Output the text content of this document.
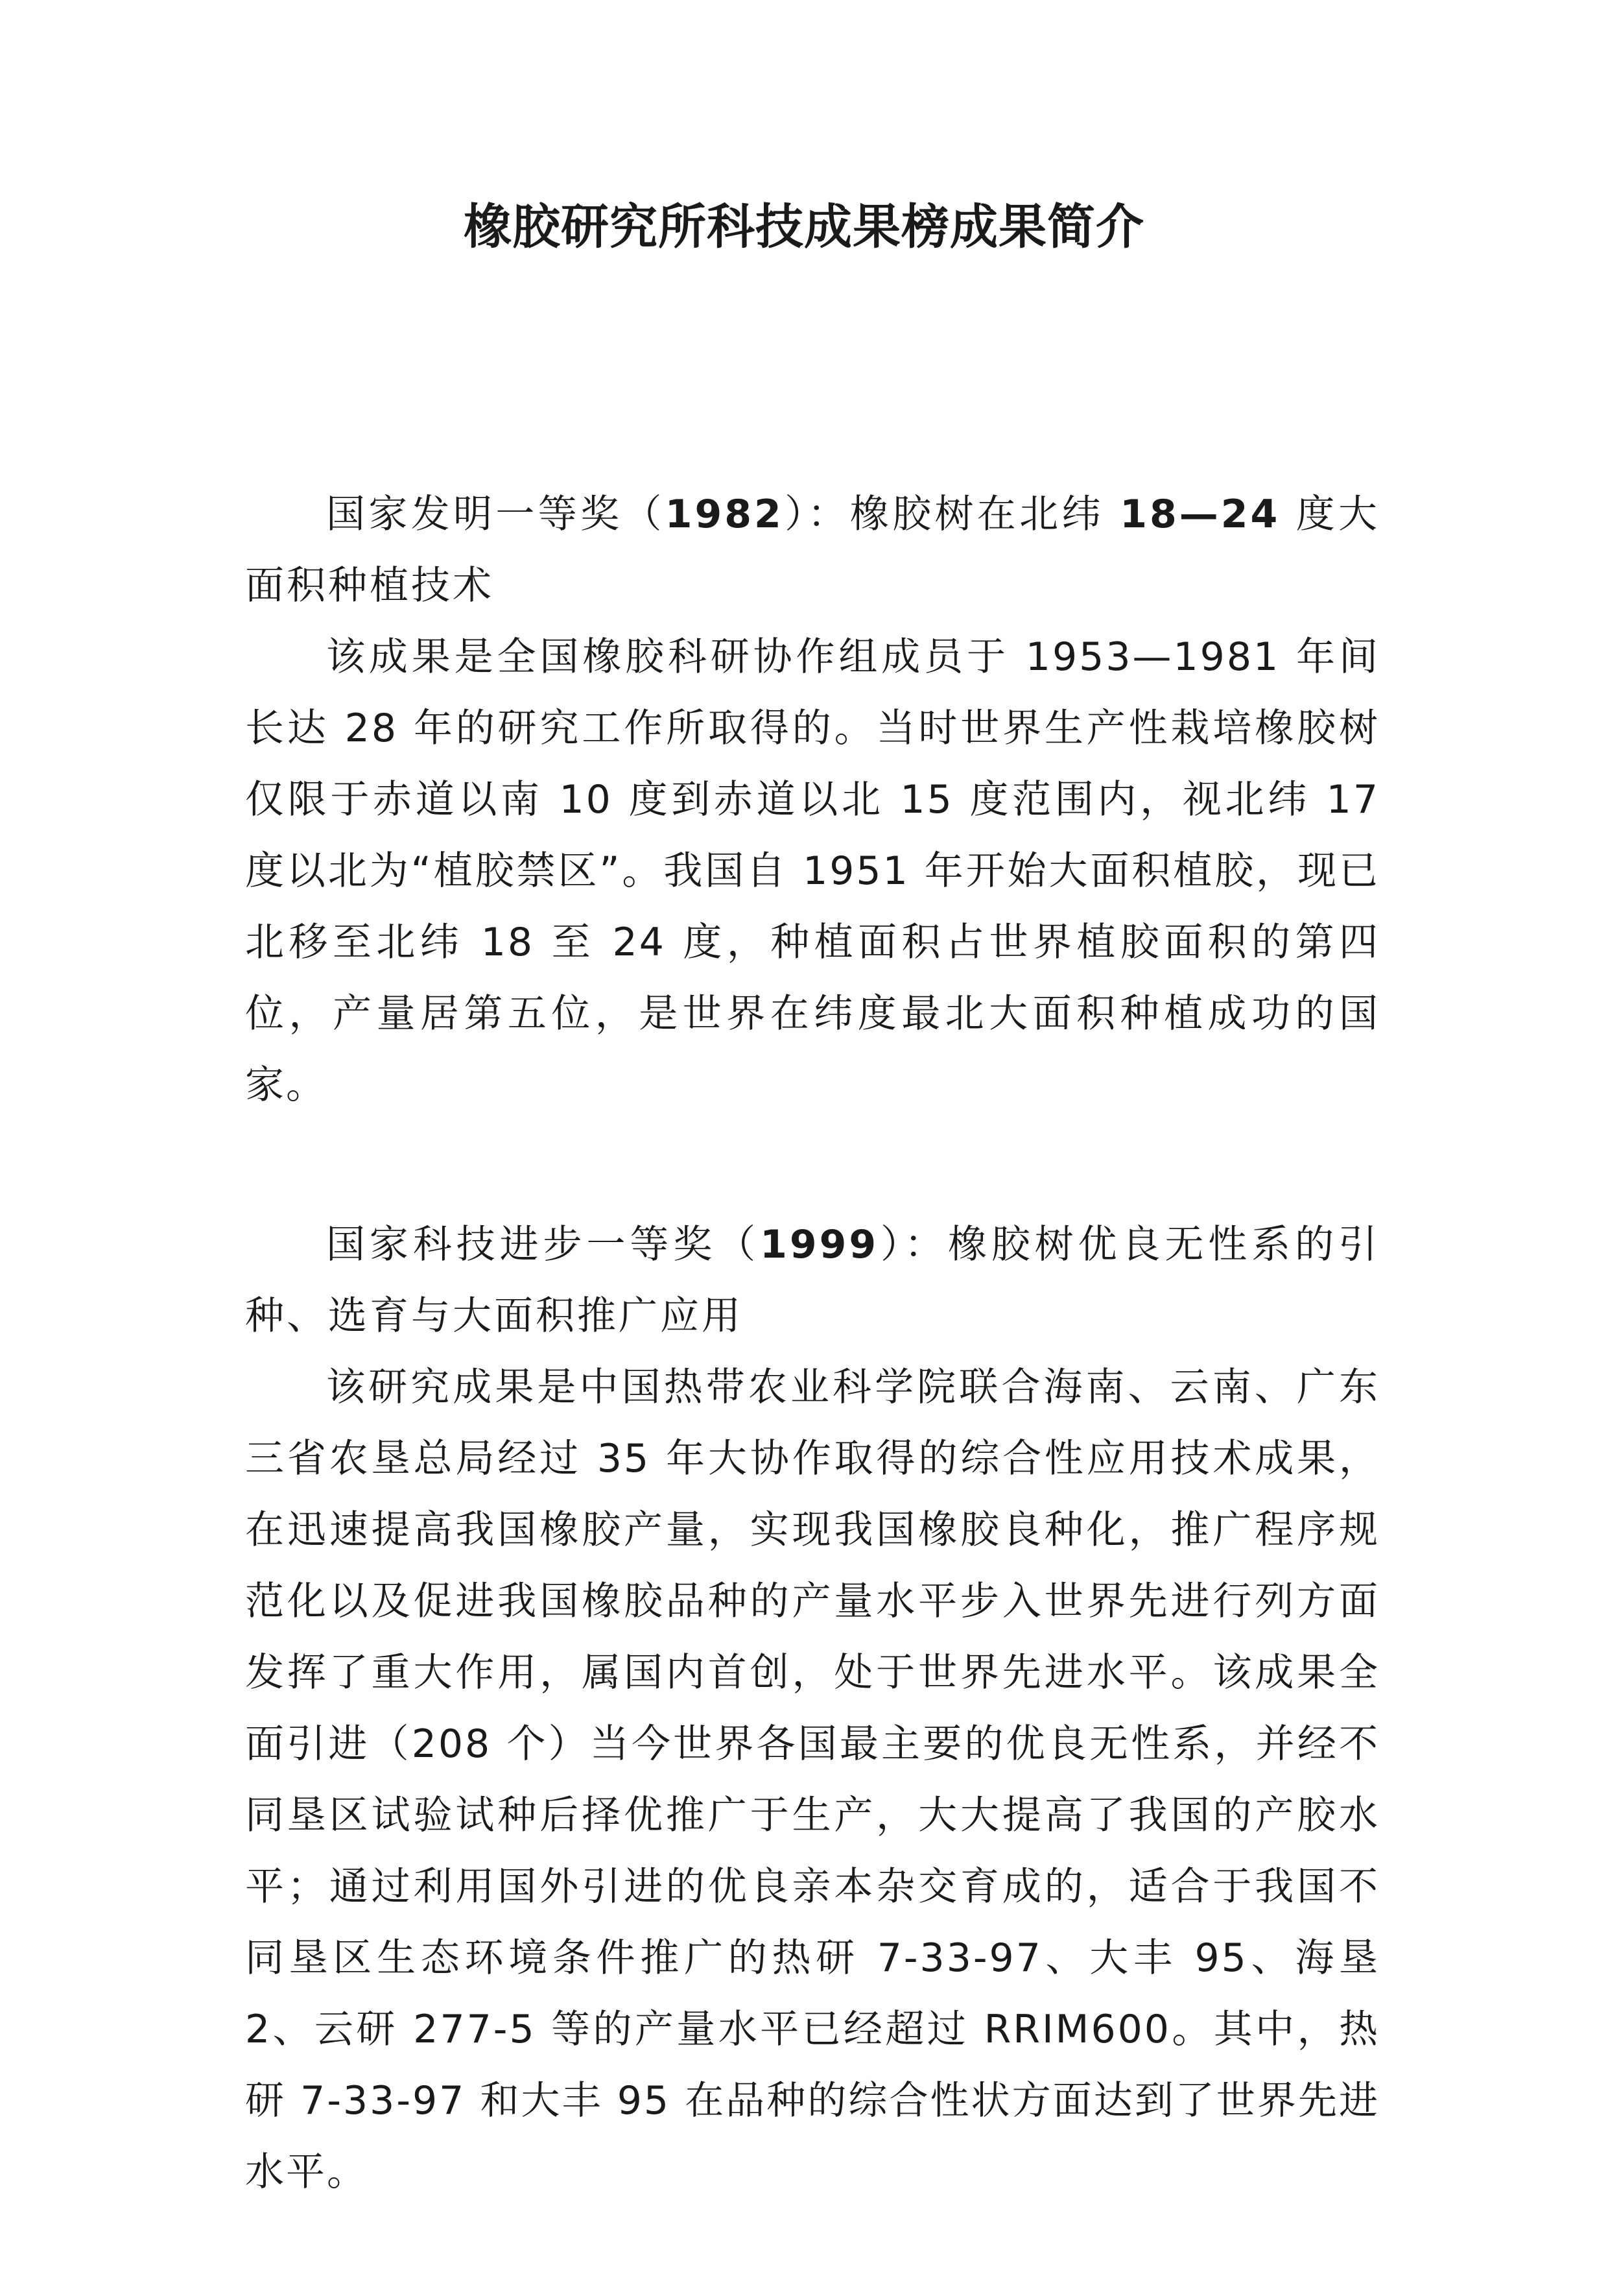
橡胶研究所科技成果榜成果简介
国家发明一等奖（1982）：橡胶树在北纬 18—24 度大面积种植技术

该成果是全国橡胶科研协作组成员于 1953—1981 年间长达 28 年的研究工作所取得的。当时世界生产性栽培橡胶树仅限于赤道以南 10 度到赤道以北 15 度范围内，视北纬 17 度以北为“植胶禁区”。我国自 1951 年开始大面积植胶，现已北移至北纬 18 至 24 度，种植面积占世界植胶面积的第四位，产量居第五位，是世界在纬度最北大面积种植成功的国家。

国家科技进步一等奖（1999）：橡胶树优良无性系的引种、选育与大面积推广应用

该研究成果是中国热带农业科学院联合海南、云南、广东三省农垦总局经过 35 年大协作取得的综合性应用技术成果，在迅速提高我国橡胶产量，实现我国橡胶良种化，推广程序规范化以及促进我国橡胶品种的产量水平步入世界先进行列方面发挥了重大作用，属国内首创，处于世界先进水平。该成果全面引进（208 个）当今世界各国最主要的优良无性系，并经不同垦区试验试种后择优推广于生产，大大提高了我国的产胶水平；通过利用国外引进的优良亲本杂交育成的，适合于我国不同垦区生态环境条件推广的热研 7-33-97、大丰 95、海垦 2、云研 277-5 等的产量水平已经超过 RRIM600。其中，热研 7-33-97 和大丰 95 在品种的综合性状方面达到了世界先进水平。
